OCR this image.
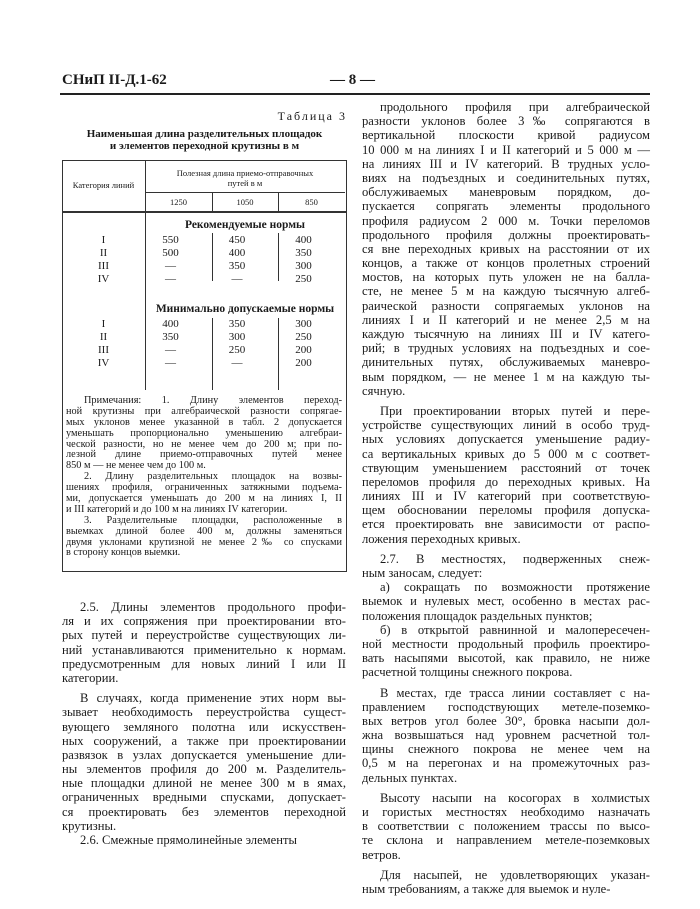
СНиП II-Д.1-62	— 8 —
Таблица 3
Наименьшая длина разделительных площадок
и элементов переходной крутизны в м
Категория линий
Полезная длина приемо-отправочных путей в м
1250	1050	850
Рекомендуемые нормы
I	550	450	400
II	500	400	350
III	—	350	300
IV	—	—	250
Минимально допускаемые нормы
I	400	350	300
II	350	300	250
III	—	250	200
IV	—	—	200
Примечания: 1. Длину элементов переход-
ной крутизны при алгебраической разности сопрягае-
мых уклонов менее указанной в табл. 2 допускается
уменьшать пропорционально уменьшению алгебраи-
ческой разности, но не менее чем до 200 м; при по-
лезной длине приемо-отправочных путей менее
850 м — не менее чем до 100 м.
2. Длину разделительных площадок на возвы-
шениях профиля, ограниченных затяжными подъема-
ми, допускается уменьшать до 200 м на линиях I, II
и III категорий и до 100 м на линиях IV категории.
3. Разделительные площадки, расположенные в
выемках длиной более 400 м, должны заменяться
двумя уклонами крутизной не менее 2‰ со спусками
в сторону концов выемки.
2.5. Длины элементов продольного профи-
ля и их сопряжения при проектировании вто-
рых путей и переустройстве существующих ли-
ний устанавливаются применительно к нормам.
предусмотренным для новых линий I или II
категории.
В случаях, когда применение этих норм вы-
зывает необходимость переустройства сущест-
вующего земляного полотна или искусствен-
ных сооружений, а также при проектировании
развязок в узлах допускается уменьшение дли-
ны элементов профиля до 200 м. Разделитель-
ные площадки длиной не менее 300 м в ямах,
ограниченных вредными спусками, допускает-
ся проектировать без элементов переходной
крутизны.
2.6. Смежные прямолинейные элементы
продольного профиля при алгебраической
разности уклонов более 3‰ сопрягаются в
вертикальной плоскости кривой радиусом
10 000 м на линиях I и II категорий и 5 000 м —
на линиях III и IV категорий. В трудных усло-
виях на подъездных и соединительных путях,
обслуживаемых маневровым порядком, до-
пускается сопрягать элементы продольного
профиля радиусом 2 000 м. Точки переломов
продольного профиля должны проектировать-
ся вне переходных кривых на расстоянии от их
концов, а также от концов пролетных строений
мостов, на которых путь уложен не на балла-
сте, не менее 5 м на каждую тысячную алгеб-
раической разности сопрягаемых уклонов на
линиях I и II категорий и не менее 2,5 м на
каждую тысячную на линиях III и IV катего-
рий; в трудных условиях на подъездных и сое-
динительных путях, обслуживаемых маневро-
вым порядком, — не менее 1 м на каждую ты-
сячную.
При проектировании вторых путей и пере-
устройстве существующих линий в особо труд-
ных условиях допускается уменьшение радиу-
са вертикальных кривых до 5 000 м с соответ-
ствующим уменьшением расстояний от точек
переломов профиля до переходных кривых. На
линиях III и IV категорий при соответствую-
щем обосновании переломы профиля допуска-
ется проектировать вне зависимости от распо-
ложения переходных кривых.
2.7. В местностях, подверженных снеж-
ным заносам, следует:
а) сокращать по возможности протяжение
выемок и нулевых мест, особенно в местах рас-
положения площадок раздельных пунктов;
б) в открытой равнинной и малопересечен-
ной местности продольный профиль проектиро-
вать насыпями высотой, как правило, не ниже
расчетной толщины снежного покрова.
В местах, где трасса линии составляет с на-
правлением господствующих метеле-поземко-
вых ветров угол более 30°, бровка насыпи дол-
жна возвышаться над уровнем расчетной тол-
щины снежного покрова не менее чем на
0,5 м на перегонах и на промежуточных раз-
дельных пунктах.
Высоту насыпи на косогорах в холмистых
и гористых местностях необходимо назначать
в соответствии с положением трассы по высо-
те склона и направлением метеле-поземковых
ветров.
Для насыпей, не удовлетворяющих указан-
ным требованиям, а также для выемок и нуле-
